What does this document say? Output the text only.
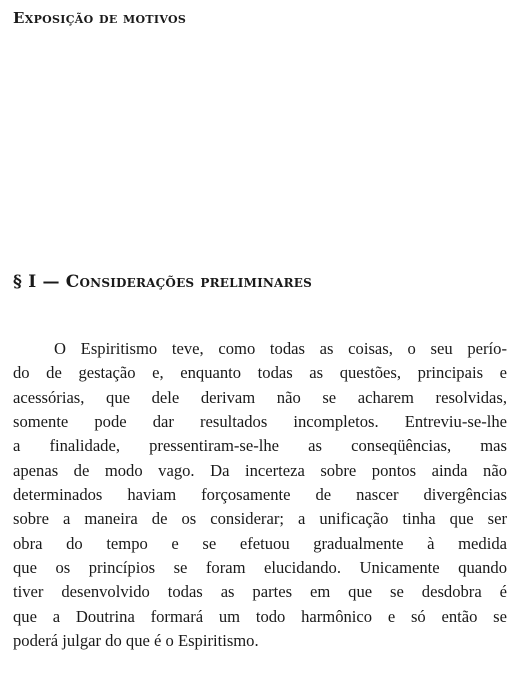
Exposição de motivos
§ I — Considerações preliminares

O Espiritismo teve, como todas as coisas, o seu perío-
do de gestação e, enquanto todas as questões, principais e
acessórias, que dele derivam não se acharem resolvidas,
somente pode dar resultados incompletos. Entreviu-se-lhe
a finalidade, pressentiram-se-lhe as conseqüências, mas
apenas de modo vago. Da incerteza sobre pontos ainda não
determinados haviam forçosamente de nascer divergências
sobre a maneira de os considerar; a unificação tinha que ser
obra do tempo e se efetuou gradualmente à medida
que os princípios se foram elucidando. Unicamente quando
tiver desenvolvido todas as partes em que se desdobra é
que a Doutrina formará um todo harmônico e só então se
poderá julgar do que é o Espiritismo.
